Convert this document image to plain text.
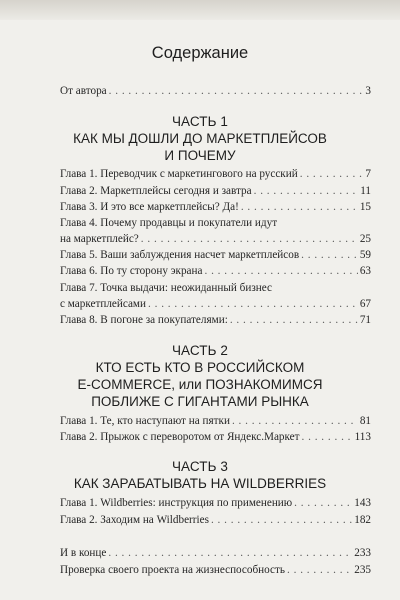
Содержание
От автора . . .	3
ЧАСТЬ 1
КАК МЫ ДОШЛИ ДО МАРКЕТПЛЕЙСОВ
И ПОЧЕМУ
Глава 1. Переводчик с маркетингового на русский . . .	7
Глава 2. Маркетплейсы сегодня и завтра . . .	11
Глава 3. И это все маркетплейсы? Да! . . .	15
Глава 4. Почему продавцы и покупатели идут
на маркетплейс? . . .	25
Глава 5. Ваши заблуждения насчет маркетплейсов . . .	59
Глава 6. По ту сторону экрана . . .	63
Глава 7. Точка выдачи: неожиданный бизнес
с маркетплейсами . . .	67
Глава 8. В погоне за покупателями: . . .	71
ЧАСТЬ 2
КТО ЕСТЬ КТО В РОССИЙСКОМ
E-COMMERCE, или ПОЗНАКОМИМСЯ
ПОБЛИЖЕ С ГИГАНТАМИ РЫНКА
Глава 1. Те, кто наступают на пятки . . .	81
Глава 2. Прыжок с переворотом от Яндекс.Маркет . . .	113
ЧАСТЬ 3
КАК ЗАРАБАТЫВАТЬ НА WILDBERRIES
Глава 1. Wildberries: инструкция по применению . . .	143
Глава 2. Заходим на Wildberries . . .	182
И в конце . . .	233
Проверка своего проекта на жизнеспособность . . .	235
